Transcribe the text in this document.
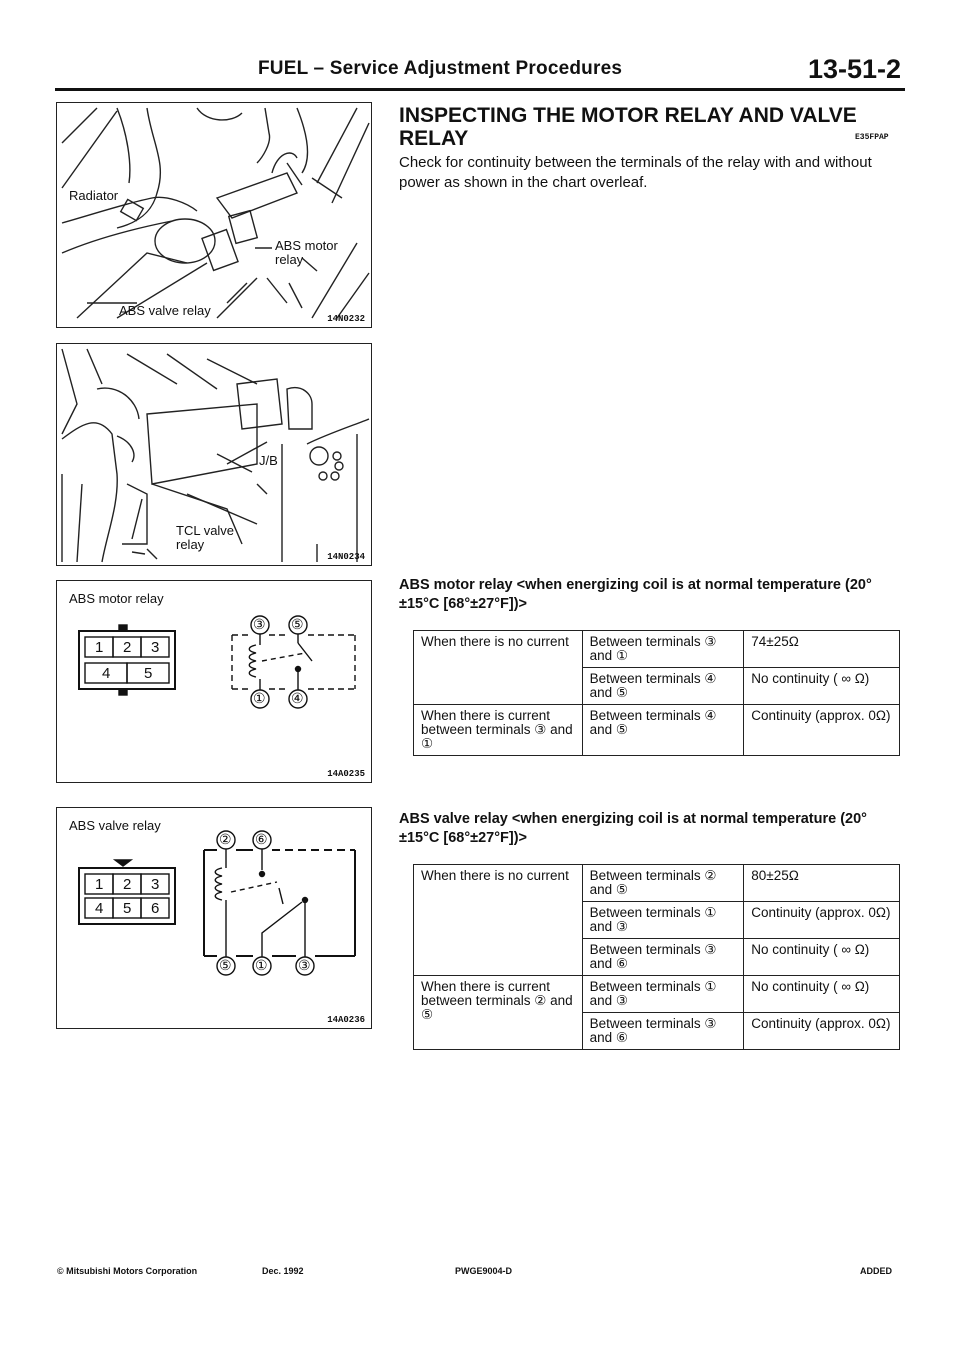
FUEL – Service Adjustment Procedures	13-51-2
Radiator
ABS motor
relay
ABS valve relay
14N0232
J/B
TCL valve
relay
14N0234
ABS motor relay
1 2 3
4 5
③ ⑤
① ④
14A0235
ABS valve relay
1 2 3
4 5 6
② ⑥
⑤ ① ③
14A0236
INSPECTING THE MOTOR RELAY AND VALVE RELAY	E35FPAP
Check for continuity between the terminals of the relay with and without power as shown in the chart overleaf.
ABS motor relay <when energizing coil is at normal temperature (20°±15°C [68°±27°F])>
When there is no current	Between terminals ③ and ①	74±25Ω
	Between terminals ④ and ⑤	No continuity ( ∞ Ω)
When there is current between terminals ③ and ①	Between terminals ④ and ⑤	Continuity (approx. 0Ω)
ABS valve relay <when energizing coil is at normal temperature (20°±15°C [68°±27°F])>
When there is no current	Between terminals ② and ⑤	80±25Ω
	Between terminals ① and ③	Continuity (approx. 0Ω)
	Between terminals ③ and ⑥	No continuity ( ∞ Ω)
When there is current between terminals ② and ⑤	Between terminals ① and ③	No continuity ( ∞ Ω)
	Between terminals ③ and ⑥	Continuity (approx. 0Ω)
© Mitsubishi Motors Corporation	Dec. 1992	PWGE9004-D	ADDED
